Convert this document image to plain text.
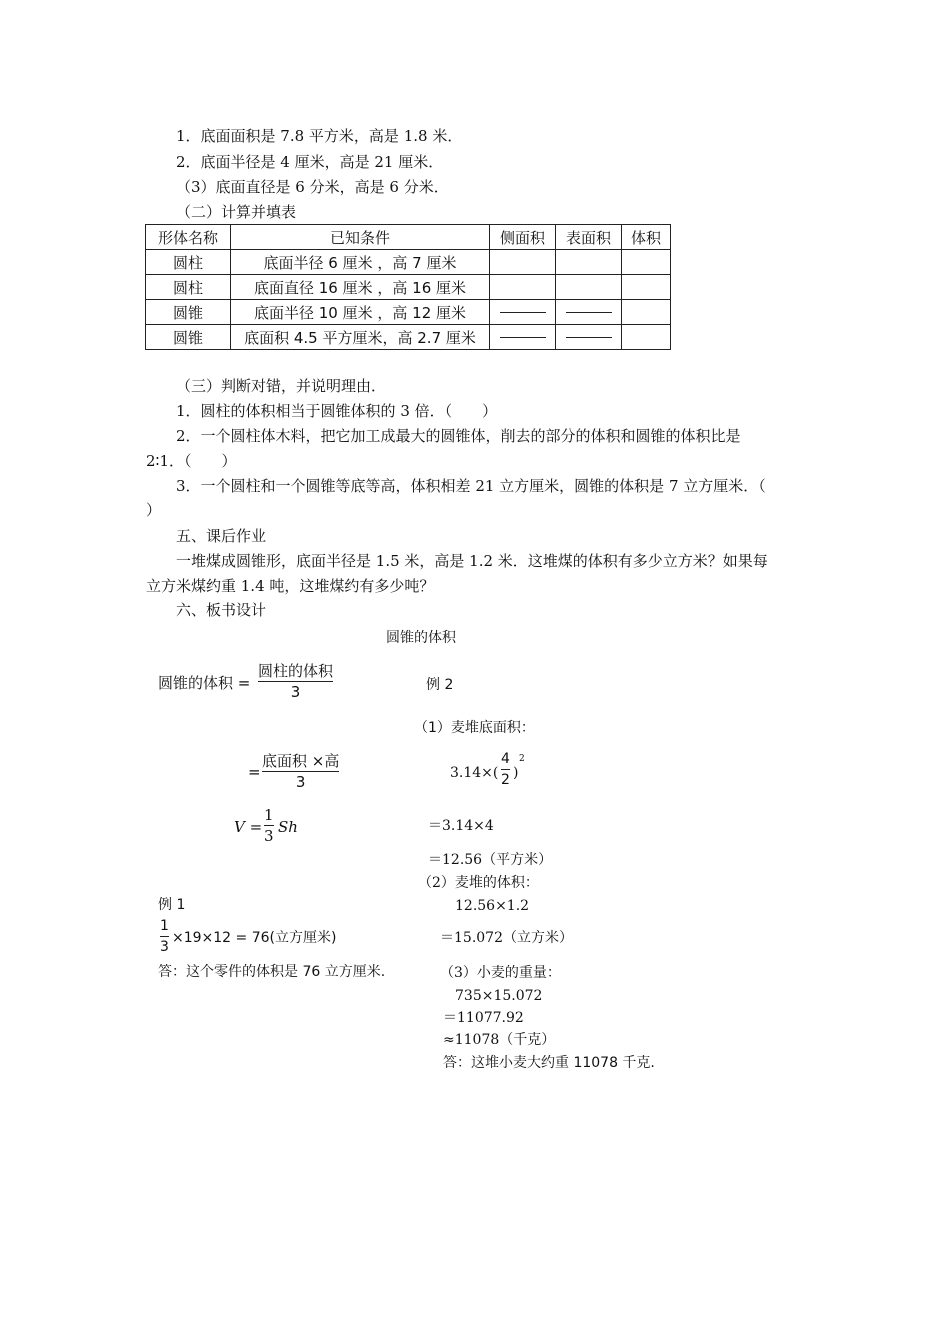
1．底面面积是 7.8 平方米，高是 1.8 米．
2．底面半径是 4 厘米，高是 21 厘米．
（3）底面直径是 6 分米，高是 6 分米．
（二）计算并填表
形体名称	已知条件	侧面积	表面积	体积
圆柱	底面半径 6 厘米 ，高 7 厘米			
圆柱	底面直径 16 厘米 ，高 16 厘米			
圆锥	底面半径 10 厘米 ，高 12 厘米			
圆锥	底面积 4.5 平方厘米，高 2.7 厘米			
（三）判断对错，并说明理由．
1．圆柱的体积相当于圆锥体积的 3 倍．（　　）
2．一个圆柱体木料，把它加工成最大的圆锥体，削去的部分的体积和圆锥的体积比是
2∶1．（　　）
3．一个圆柱和一个圆锥等底等高，体积相差 21 立方厘米，圆锥的体积是 7 立方厘米．（
）
五、课后作业
一堆煤成圆锥形，底面半径是 1.5 米，高是 1.2 米．这堆煤的体积有多少立方米？如果每
立方米煤约重 1.4 吨，这堆煤约有多少吨？
六、板书设计
圆锥的体积
圆锥的体积 =
圆柱的体积
3	例 2
（1）麦堆底面积：
=
底面积 ×高
3	3.14×(
4
2 )
2
V =
1
3 Sh	＝3.14×4
＝12.56（平方米）
（2）麦堆的体积：
例 1	12.56×1.2
1
3
×19×12 = 76(立方厘米)	＝15.072（立方米）
答：这个零件的体积是 76 立方厘米.	（3）小麦的重量：
735×15.072
＝11077.92
≈11078（千克）
答：这堆小麦大约重 11078 千克.
